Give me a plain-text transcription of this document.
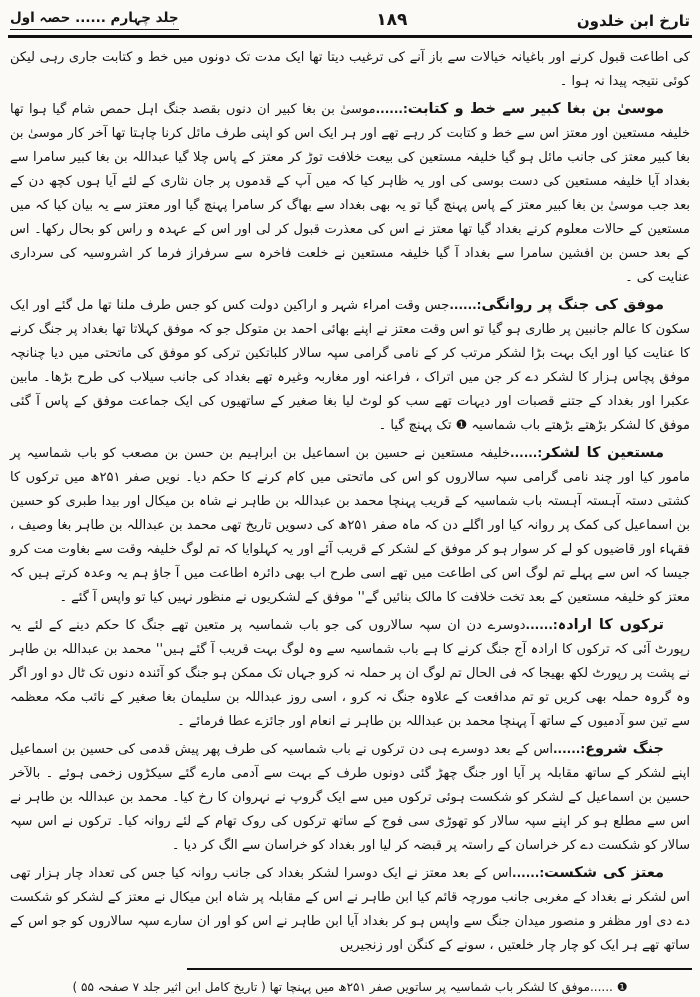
تارخ ابن خلدون
۱۸۹
جلد چہارم ...... حصہ اول

کی اطاعت قبول کرنے اور باغیانہ خیالات سے باز آنے کی ترغیب دیتا تھا ایک مدت تک دونوں میں خط و کتابت جاری رہی لیکن کوئی نتیجہ پیدا نہ ہوا ۔

موسیٰ بن بغا کبیر سے خط و کتابت:......موسیٰ بن بغا کبیر ان دنوں بقصد جنگ اہل حمص شام گیا ہوا تھا خلیفہ مستعین اور معتز اس سے خط و کتابت کر رہے تھے اور ہر ایک اس کو اپنی طرف مائل کرنا چاہتا تھا آخر کار موسیٰ بن بغا کبیر معتز کی جانب مائل ہو گیا خلیفہ مستعین کی بیعت خلافت توڑ کر معتز کے پاس چلا گیا عبداللہ بن بغا کبیر سامرا سے بغداد آیا خلیفہ مستعین کی دست بوسی کی اور یہ ظاہر کیا کہ میں آپ کے قدموں پر جان نثاری کے لئے آیا ہوں کچھ دن کے بعد جب موسیٰ بن بغا کبیر معتز کے پاس پہنچ گیا تو یہ بھی بغداد سے بھاگ کر سامرا پہنچ گیا اور معتز سے یہ بیان کیا کہ میں مستعین کے حالات معلوم کرنے بغداد گیا تھا معتز نے اس کی معذرت قبول کر لی اور اس کے عہدہ و راس کو بحال رکھا۔ اس کے بعد حسن بن افشین سامرا سے بغداد آ گیا خلیفہ مستعین نے خلعت فاخرہ سے سرفراز فرما کر اشروسیہ کی سرداری عنایت کی ۔

موفق کی جنگ پر روانگی:......جس وقت امراء شہر و اراکین دولت کس کو جس طرف ملنا تھا مل گئے اور ایک سکون کا عالم جانبین پر طاری ہو گیا تو اس وقت معتز نے اپنے بھائی احمد بن متوکل جو کہ موفق کہلاتا تھا بغداد پر جنگ کرنے کا عنایت کیا اور ایک بہت بڑا لشکر مرتب کر کے نامی گرامی سپہ سالار کلباتکین ترکی کو موفق کی ماتحتی میں دیا چنانچہ موفق پچاس ہزار کا لشکر دے کر جن میں اتراک ، فراعنہ اور مغاربہ وغیرہ تھے بغداد کی جانب سیلاب کی طرح بڑھا۔ مابین عکبرا اور بغداد کے جتنے قصبات اور دیہات تھے سب کو لوٹ لیا بغا صغیر کے ساتھیوں کی ایک جماعت موفق کے پاس آ گئی موفق کا لشکر بڑھتے بڑھتے باب شماسیہ ❶ تک پہنچ گیا ۔

مستعین کا لشکر:......خلیفہ مستعین نے حسین بن اسماعیل بن ابراہیم بن حسن بن مصعب کو باب شماسیہ پر مامور کیا اور چند نامی گرامی سپہ سالاروں کو اس کی ماتحتی میں کام کرنے کا حکم دیا۔ نویں صفر ۲۵۱ھ میں ترکوں کا کشتی دستہ آہستہ آہستہ باب شماسیہ کے قریب پہنچا محمد بن عبداللہ بن طاہر نے شاہ بن میکال اور بیدا طبری کو حسین بن اسماعیل کی کمک پر روانہ کیا اور اگلے دن کہ ماہ صفر ۲۵۱ھ کی دسویں تاریخ تھی محمد بن عبداللہ بن طاہر بغا وصیف ، فقہاء اور قاضیوں کو لے کر سوار ہو کر موفق کے لشکر کے قریب آئے اور یہ کہلوایا کہ تم لوگ خلیفہ وقت سے بغاوت مت کرو جیسا کہ اس سے پہلے تم لوگ اس کی اطاعت میں تھے اسی طرح اب بھی دائرہ اطاعت میں آ جاؤ ہم یہ وعدہ کرتے ہیں کہ معتز کو خلیفہ مستعین کے بعد تخت خلافت کا مالک بنائیں گے'' موفق کے لشکریوں نے منظور نہیں کیا تو واپس آ گئے ۔

ترکوں کا ارادہ:......دوسرے دن ان سپہ سالاروں کی جو باب شماسیہ پر متعین تھے جنگ کا حکم دینے کے لئے یہ رپورٹ آئی کہ ترکوں کا ارادہ آج جنگ کرنے کا ہے باب شماسیہ سے وہ لوگ بہت قریب آ گئے ہیں'' محمد بن عبداللہ بن طاہر نے پشت پر رپورٹ لکھ بھیجا کہ فی الحال تم لوگ ان پر حملہ نہ کرو جہاں تک ممکن ہو جنگ کو آئندہ دنوں تک ٹال دو اور اگر وہ گروہ حملہ بھی کریں تو تم مدافعت کے علاوہ جنگ نہ کرو ، اسی روز عبداللہ بن سلیمان بغا صغیر کے نائب مکہ معظمہ سے تین سو آدمیوں کے ساتھ آ پہنچا محمد بن عبداللہ بن طاہر نے انعام اور جائزے عطا فرمائے ۔

جنگ شروع:......اس کے بعد دوسرے ہی دن ترکوں نے باب شماسیہ کی طرف پھر پیش قدمی کی حسین بن اسماعیل اپنے لشکر کے ساتھ مقابلہ پر آیا اور جنگ چھڑ گئی دونوں طرف کے بہت سے آدمی مارے گئے سیکڑوں زخمی ہوئے ۔ بالآخر حسین بن اسماعیل کے لشکر کو شکست ہوئی ترکوں میں سے ایک گروپ نے نہروان کا رخ کیا۔ محمد بن عبداللہ بن طاہر نے اس سے مطلع ہو کر اپنے سپہ سالار کو تھوڑی سی فوج کے ساتھ ترکوں کی روک تھام کے لئے روانہ کیا۔ ترکوں نے اس سپہ سالار کو شکست دے کر خراسان کے راستہ پر قبضہ کر لیا اور بغداد کو خراسان سے الگ کر دیا ۔

معتز کی شکست:......اس کے بعد معتز نے ایک دوسرا لشکر بغداد کی جانب روانہ کیا جس کی تعداد چار ہزار تھی اس لشکر نے بغداد کے مغربی جانب مورچہ قائم کیا ابن طاہر نے اس کے مقابلہ پر شاہ ابن میکال نے معتز کے لشکر کو شکست دے دی اور مظفر و منصور میدان جنگ سے واپس ہو کر بغداد آیا ابن طاہر نے اس کو اور ان سارے سپہ سالاروں کو جو اس کے ساتھ تھے ہر ایک کو چار چار خلعتیں ، سونے کے کنگن اور زنجیریں

❶ ......موفق کا لشکر باب شماسیہ پر ساتویں صفر ۲۵۱ھ میں پہنچا تھا ( تاریخ کامل ابن اثیر جلد ۷ صفحہ ۵۵ )
